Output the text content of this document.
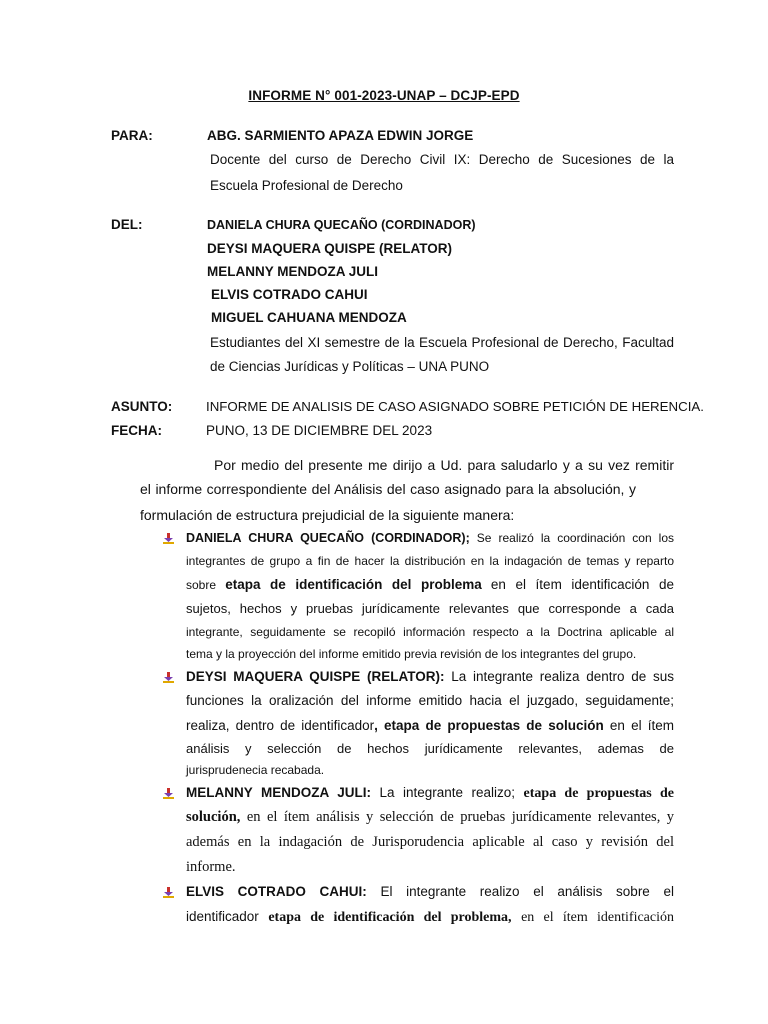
INFORME N° 001-2023-UNAP – DCJP-EPD
PARA:	ABG. SARMIENTO APAZA EDWIN JORGE
Docente del curso de Derecho Civil IX: Derecho de Sucesiones de la
Escuela Profesional de Derecho
DEL:	DANIELA CHURA QUECAÑO (CORDINADOR)
DEYSI MAQUERA QUISPE (RELATOR)
MELANNY MENDOZA JULI
ELVIS COTRADO CAHUI
MIGUEL CAHUANA MENDOZA
Estudiantes del XI semestre de la Escuela Profesional de Derecho, Facultad
de Ciencias Jurídicas y Políticas – UNA PUNO
ASUNTO:	INFORME DE ANALISIS DE CASO ASIGNADO SOBRE PETICIÓN DE HERENCIA.
FECHA:	PUNO, 13 DE DICIEMBRE DEL 2023
Por medio del presente me dirijo a Ud. para saludarlo y a su vez remitir
el informe correspondiente del Análisis del caso asignado para la absolución, y
formulación de estructura prejudicial de la siguiente manera:
DANIELA CHURA QUECAÑO (CORDINADOR); Se realizó la coordinación con los
integrantes de grupo a fin de hacer la distribución en la indagación de temas y reparto
sobre etapa de identificación del problema en el ítem identificación de
sujetos, hechos y pruebas jurídicamente relevantes que corresponde a cada
integrante, seguidamente se recopiló información respecto a la Doctrina aplicable al
tema y la proyección del informe emitido previa revisión de los integrantes del grupo.
DEYSI MAQUERA QUISPE (RELATOR): La integrante realiza dentro de sus
funciones la oralización del informe emitido hacia el juzgado, seguidamente;
realiza, dentro de identificador, etapa de propuestas de solución en el ítem
análisis y selección de hechos jurídicamente relevantes, ademas de
jurisprudenecia recabada.
MELANNY MENDOZA JULI: La integrante realizo; etapa de propuestas de
solución, en el ítem análisis y selección de pruebas jurídicamente relevantes, y
además en la indagación de Jurisporudencia aplicable al caso y revisión del
informe.
ELVIS COTRADO CAHUI: El integrante realizo el análisis sobre el
identificador etapa de identificación del problema, en el ítem identificación
